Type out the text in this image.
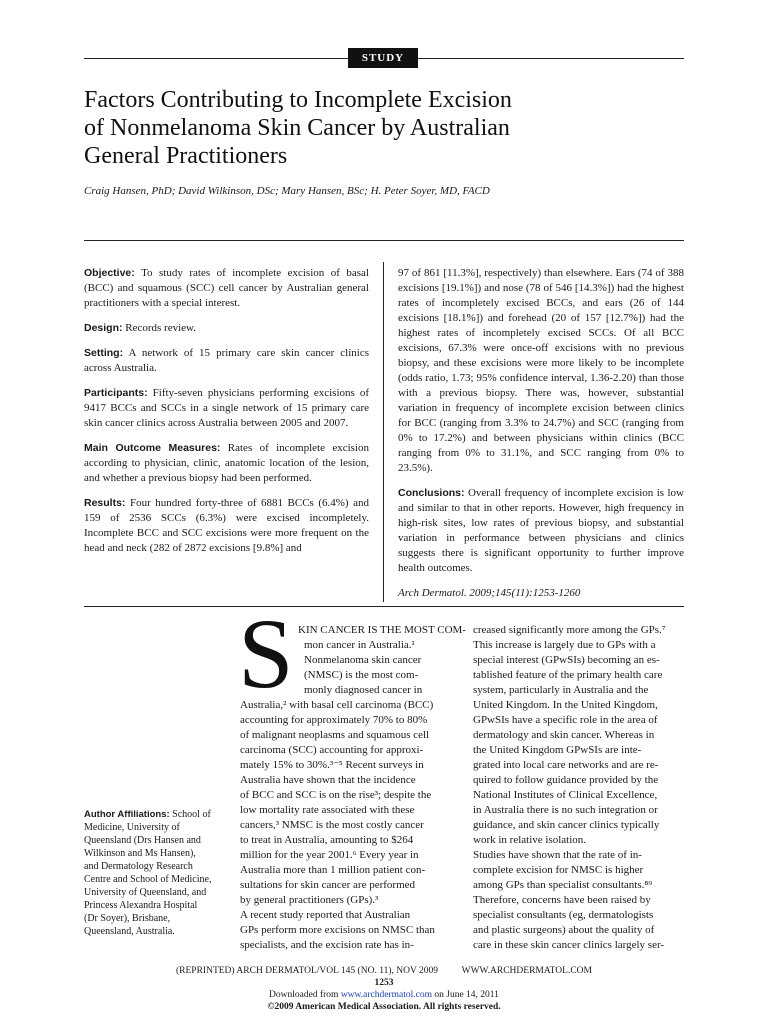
STUDY
Factors Contributing to Incomplete Excision
of Nonmelanoma Skin Cancer by Australian
General Practitioners
Craig Hansen, PhD; David Wilkinson, DSc; Mary Hansen, BSc; H. Peter Soyer, MD, FACD

Objective: To study rates of incomplete excision of basal (BCC) and squamous (SCC) cell cancer by Australian general practitioners with a special interest.

Design: Records review.

Setting: A network of 15 primary care skin cancer clinics across Australia.

Participants: Fifty-seven physicians performing excisions of 9417 BCCs and SCCs in a single network of 15 primary care skin cancer clinics across Australia between 2005 and 2007.

Main Outcome Measures: Rates of incomplete excision according to physician, clinic, anatomic location of the lesion, and whether a previous biopsy had been performed.

Results: Four hundred forty-three of 6881 BCCs (6.4%) and 159 of 2536 SCCs (6.3%) were excised incompletely. Incomplete BCC and SCC excisions were more frequent on the head and neck (282 of 2872 excisions [9.8%] and

97 of 861 [11.3%], respectively) than elsewhere. Ears (74 of 388 excisions [19.1%]) and nose (78 of 546 [14.3%]) had the highest rates of incompletely excised BCCs, and ears (26 of 144 excisions [18.1%]) and forehead (20 of 157 [12.7%]) had the highest rates of incompletely excised SCCs. Of all BCC excisions, 67.3% were once-off excisions with no previous biopsy, and these excisions were more likely to be incomplete (odds ratio, 1.73; 95% confidence interval, 1.36-2.20) than those with a previous biopsy. There was, however, substantial variation in frequency of incomplete excision between clinics for BCC (ranging from 3.3% to 24.7%) and SCC (ranging from 0% to 17.2%) and between physicians within clinics (BCC ranging from 0% to 31.1%, and SCC ranging from 0% to 23.5%).

Conclusions: Overall frequency of incomplete excision is low and similar to that in other reports. However, high frequency in high-risk sites, low rates of previous biopsy, and substantial variation in performance between physicians and clinics suggests there is significant opportunity to further improve health outcomes.

Arch Dermatol. 2009;145(11):1253-1260

S KIN CANCER IS THE MOST COM-
mon cancer in Australia.¹
Nonmelanoma skin cancer
(NMSC) is the most com-
monly diagnosed cancer in
Australia,² with basal cell carcinoma (BCC)
accounting for approximately 70% to 80%
of malignant neoplasms and squamous cell
carcinoma (SCC) accounting for approxi-
mately 15% to 30%.³⁻⁵ Recent surveys in
Australia have shown that the incidence
of BCC and SCC is on the rise³; despite the
low mortality rate associated with these
cancers,³ NMSC is the most costly cancer
to treat in Australia, amounting to $264
million for the year 2001.⁶ Every year in
Australia more than 1 million patient con-
sultations for skin cancer are performed
by general practitioners (GPs).³
A recent study reported that Australian
GPs perform more excisions on NMSC than
specialists, and the excision rate has in-
creased significantly more among the GPs.⁷
This increase is largely due to GPs with a
special interest (GPwSIs) becoming an es-
tablished feature of the primary health care
system, particularly in Australia and the
United Kingdom. In the United Kingdom,
GPwSIs have a specific role in the area of
dermatology and skin cancer. Whereas in
the United Kingdom GPwSIs are inte-
grated into local care networks and are re-
quired to follow guidance provided by the
National Institutes of Clinical Excellence,
in Australia there is no such integration or
guidance, and skin cancer clinics typically
work in relative isolation.
Studies have shown that the rate of in-
complete excision for NMSC is higher
among GPs than specialist consultants.⁸⁹
Therefore, concerns have been raised by
specialist consultants (eg, dermatologists
and plastic surgeons) about the quality of
care in these skin cancer clinics largely ser-
Author Affiliations: School of
Medicine, University of
Queensland (Drs Hansen and
Wilkinson and Ms Hansen),
and Dermatology Research
Centre and School of Medicine,
University of Queensland, and
Princess Alexandra Hospital
(Dr Soyer), Brisbane,
Queensland, Australia.
(REPRINTED) ARCH DERMATOL/VOL 145 (NO. 11), NOV 2009          WWW.ARCHDERMATOL.COM
1253
Downloaded from www.archdermatol.com on June 14, 2011
©2009 American Medical Association. All rights reserved.
